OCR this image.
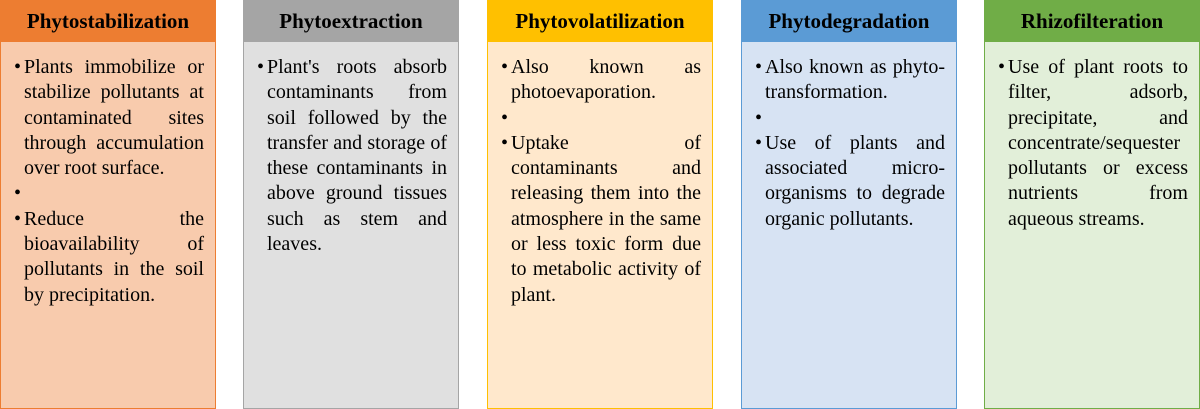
Phytostabilization
• Plants immobilize or stabilize pollutants at contaminated sites through accumulation over root surface.
•
• Reduce the bioavailability of pollutants in the soil by precipitation.
Phytoextraction
• Plant's roots absorb contaminants from soil followed by the transfer and storage of these contaminants in above ground tissues such as stem and leaves.
Phytovolatilization
• Also known as photoevaporation.
•
• Uptake of contaminants and releasing them into the atmosphere in the same or less toxic form due to metabolic activity of plant.
Phytodegradation
• Also known as phyto-transformation.
•
• Use of plants and associated micro-organisms to degrade organic pollutants.
Rhizofilteration
• Use of plant roots to filter, adsorb, precipitate, and concentrate/sequester pollutants or excess nutrients from aqueous streams.
